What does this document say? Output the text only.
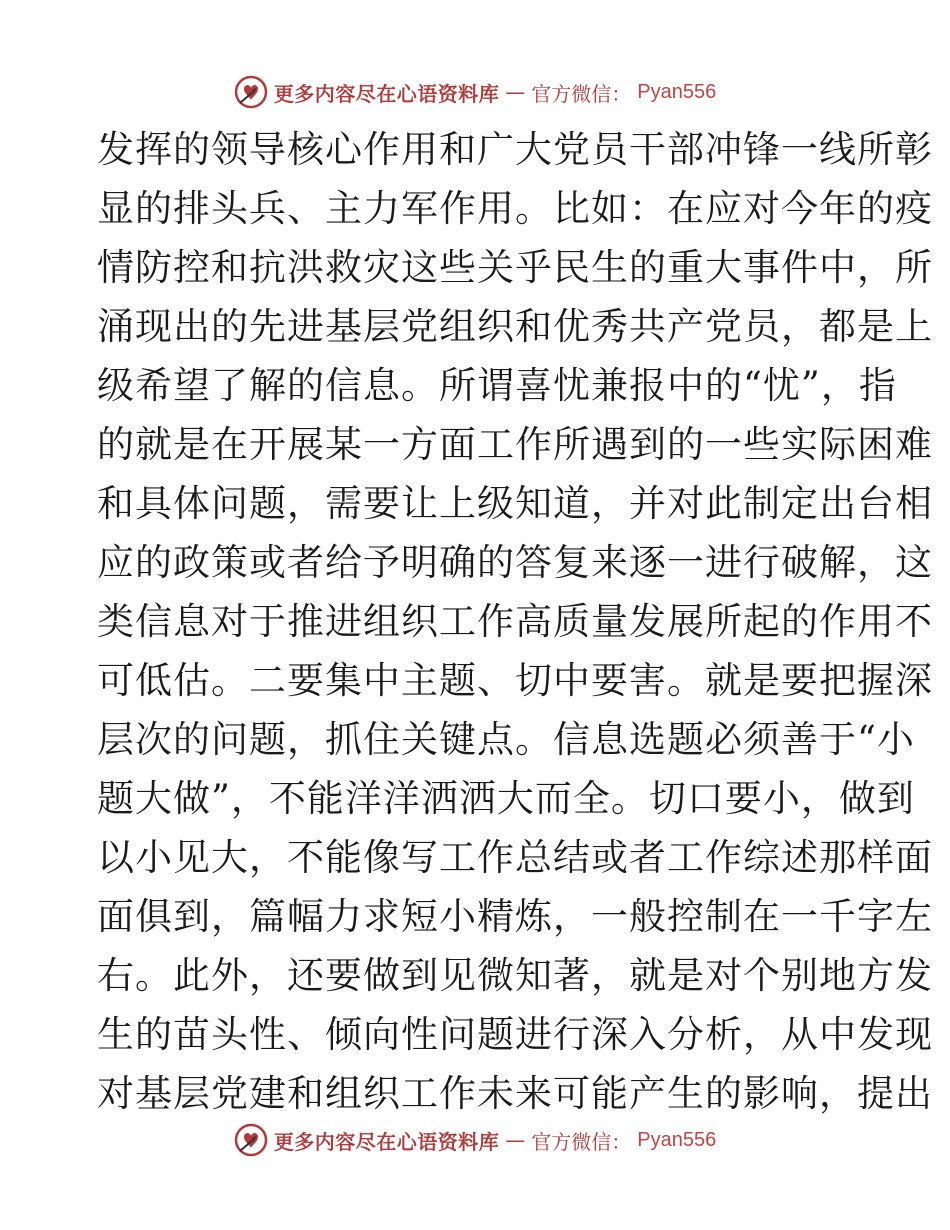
更多内容尽在心语资料库 — 官方微信： Pyan556
发挥的领导核心作用和广大党员干部冲锋一线所彰
显的排头兵、主力军作用。比如：在应对今年的疫
情防控和抗洪救灾这些关乎民生的重大事件中，所
涌现出的先进基层党组织和优秀共产党员，都是上
级希望了解的信息。所谓喜忧兼报中的“忧”，指
的就是在开展某一方面工作所遇到的一些实际困难
和具体问题，需要让上级知道，并对此制定出台相
应的政策或者给予明确的答复来逐一进行破解，这
类信息对于推进组织工作高质量发展所起的作用不
可低估。二要集中主题、切中要害。就是要把握深
层次的问题，抓住关键点。信息选题必须善于“小
题大做”，不能洋洋洒洒大而全。切口要小，做到
以小见大，不能像写工作总结或者工作综述那样面
面俱到，篇幅力求短小精炼，一般控制在一千字左
右。此外，还要做到见微知著，就是对个别地方发
生的苗头性、倾向性问题进行深入分析，从中发现
对基层党建和组织工作未来可能产生的影响，提出
更多内容尽在心语资料库 — 官方微信： Pyan556
